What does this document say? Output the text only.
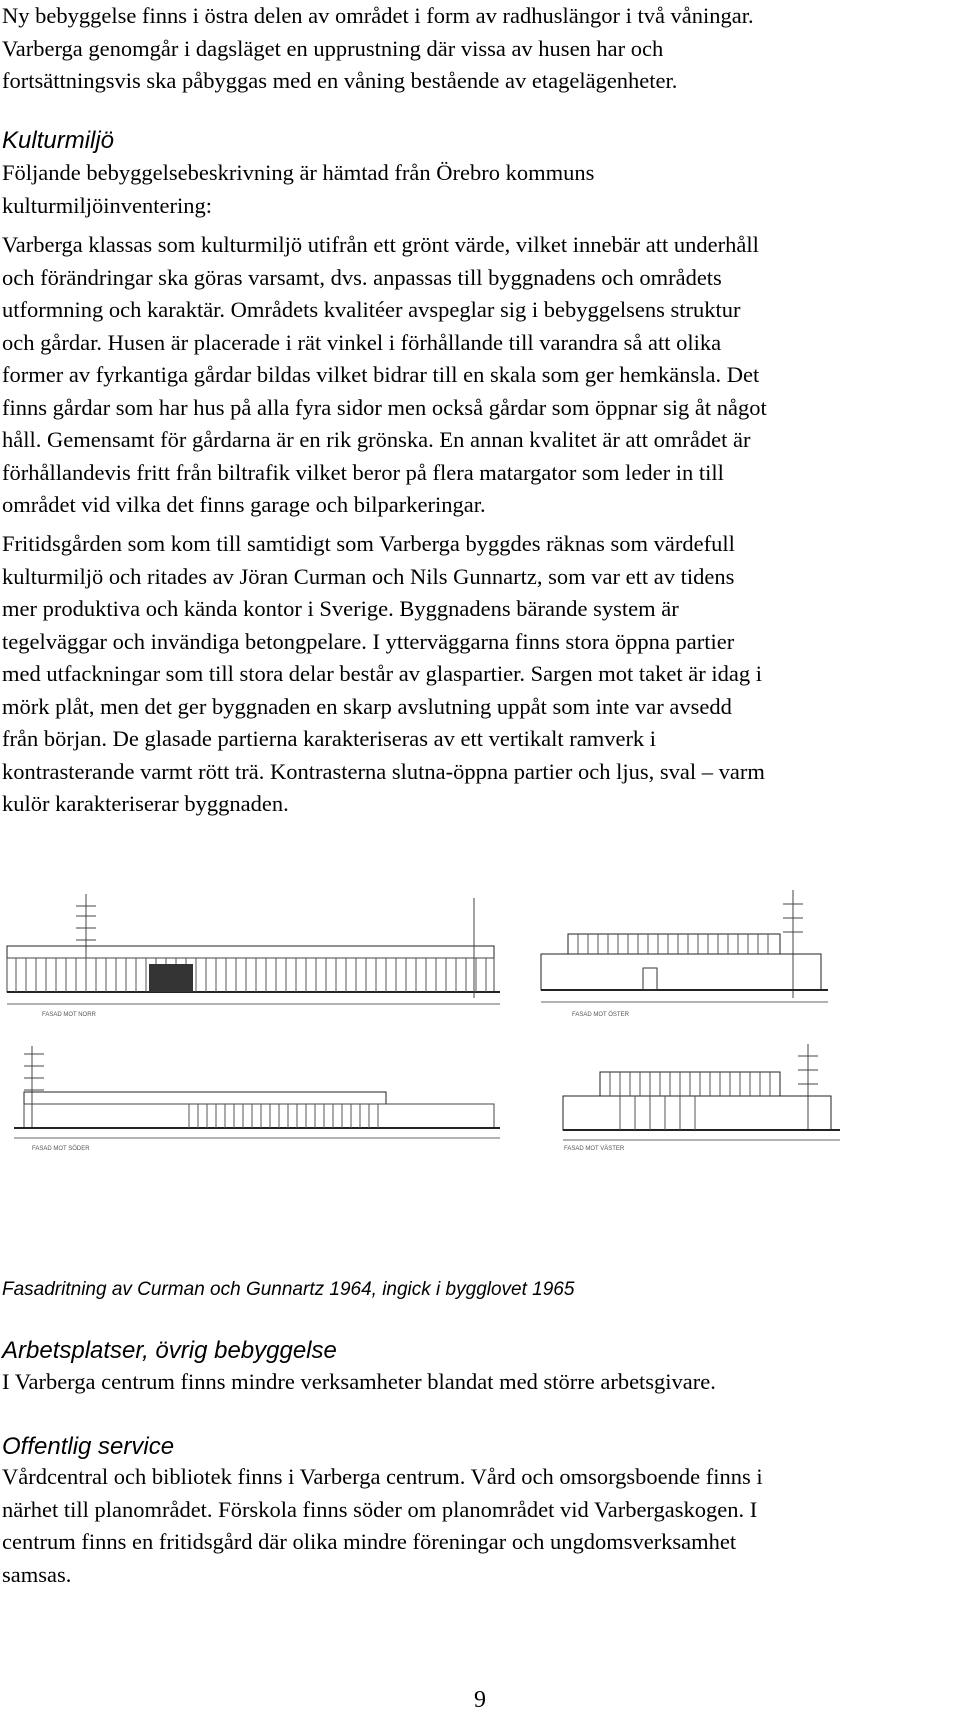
Ny bebyggelse finns i östra delen av området i form av radhuslängor i två våningar.
Varberga genomgår i dagsläget en upprustning där vissa av husen har och
fortsättningsvis ska påbyggas med en våning bestående av etagelägenheter.
Kulturmiljö
Följande bebyggelsebeskrivning är hämtad från Örebro kommuns
kulturmiljöinventering:
Varberga klassas som kulturmiljö utifrån ett grönt värde, vilket innebär att underhåll
och förändringar ska göras varsamt, dvs. anpassas till byggnadens och områdets
utformning och karaktär. Områdets kvalitéer avspeglar sig i bebyggelsens struktur
och gårdar. Husen är placerade i rät vinkel i förhållande till varandra så att olika
former av fyrkantiga gårdar bildas vilket bidrar till en skala som ger hemkänsla. Det
finns gårdar som har hus på alla fyra sidor men också gårdar som öppnar sig åt något
håll. Gemensamt för gårdarna är en rik grönska. En annan kvalitet är att området är
förhållandevis fritt från biltrafik vilket beror på flera matargator som leder in till
området vid vilka det finns garage och bilparkeringar.
Fritidsgården som kom till samtidigt som Varberga byggdes räknas som värdefull
kulturmiljö och ritades av Jöran Curman och Nils Gunnartz, som var ett av tidens
mer produktiva och kända kontor i Sverige. Byggnadens bärande system är
tegelväggar och invändiga betongpelare. I ytterväggarna finns stora öppna partier
med utfackningar som till stora delar består av glaspartier. Sargen mot taket är idag i
mörk plåt, men det ger byggnaden en skarp avslutning uppåt som inte var avsedd
från början. De glasade partierna karakteriseras av ett vertikalt ramverk i
kontrasterande varmt rött trä. Kontrasterna slutna-öppna partier och ljus, sval – varm
kulör karakteriserar byggnaden.
FASAD MOT NORR	FASAD MOT ÖSTER
FASAD MOT SÖDER	FASAD MOT VÄSTER
Fasadritning av Curman och Gunnartz 1964, ingick i bygglovet 1965
Arbetsplatser, övrig bebyggelse
I Varberga centrum finns mindre verksamheter blandat med större arbetsgivare.
Offentlig service
Vårdcentral och bibliotek finns i Varberga centrum. Vård och omsorgsboende finns i
närhet till planområdet. Förskola finns söder om planområdet vid Varbergaskogen. I
centrum finns en fritidsgård där olika mindre föreningar och ungdomsverksamhet
samsas.
9
